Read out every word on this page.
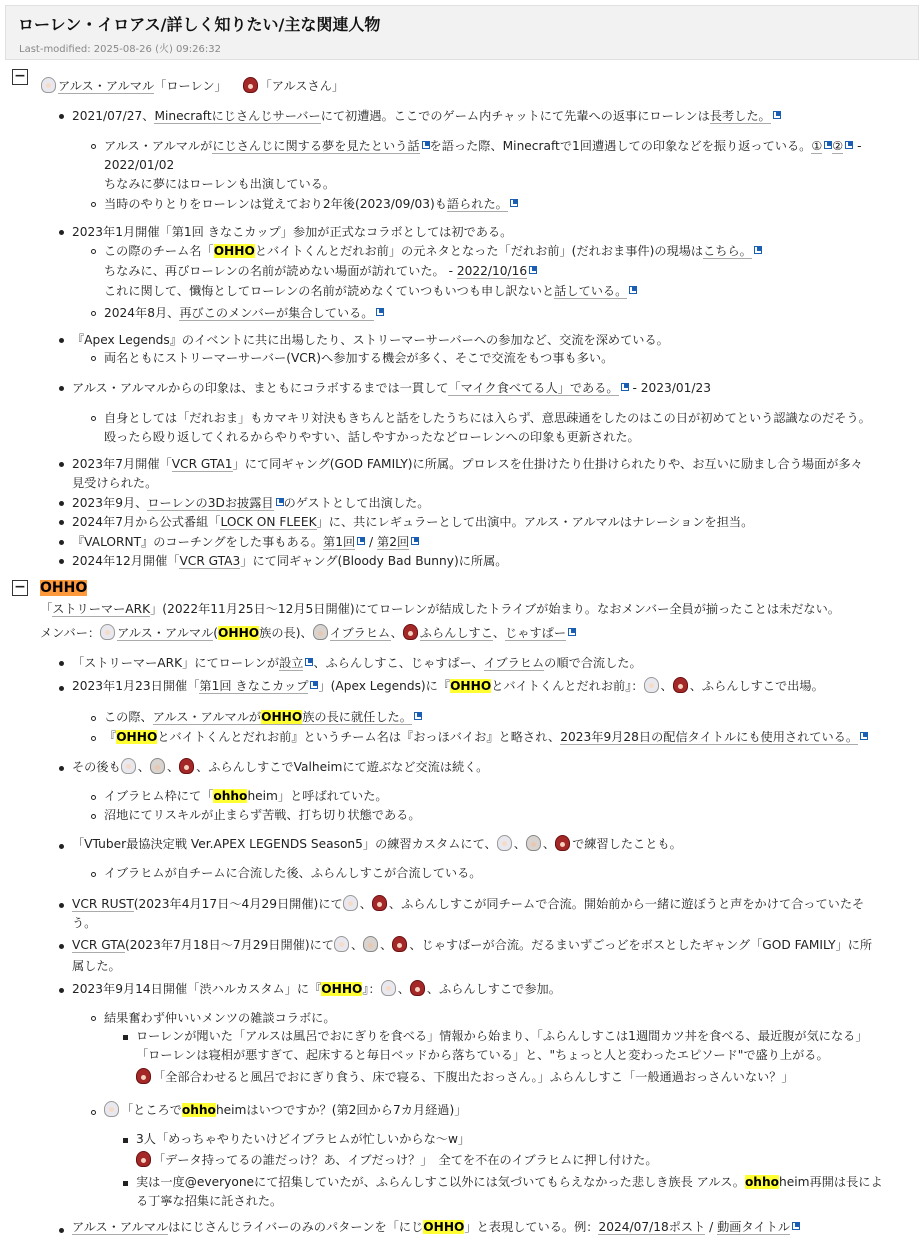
ローレン・イロアス/詳しく知りたい/主な関連人物
Last-modified: 2025-08-26 (火) 09:26:32
−
アルス・アルマル「ローレン」	「アルスさん」
2021/07/27、Minecraftにじさんじサーバーにて初遭遇。ここでのゲーム内チャットにて先輩への返事にローレンは長考した。
アルス・アルマルがにじさんじに関する夢を見たという話 を語った際、Minecraftで1回遭遇しての印象などを振り返っている。① ② -
2022/01/02
ちなみに夢にはローレンも出演している。
当時のやりとりをローレンは覚えており2年後(2023/09/03)も語られた。
2023年1月開催「第1回 きなこカップ」参加が正式なコラボとしては初である。
この際のチーム名「OHHOとバイトくんとだれお前」の元ネタとなった「だれお前」(だれおま事件)の現場はこちら。
ちなみに、再びローレンの名前が読めない場面が訪れていた。 - 2022/10/16
これに関して、懺悔としてローレンの名前が読めなくていつもいつも申し訳ないと話している。
2024年8月、再びこのメンバーが集合している。
『Apex Legends』のイベントに共に出場したり、ストリーマーサーバーへの参加など、交流を深めている。
両名ともにストリーマーサーバー(VCR)へ参加する機会が多く、そこで交流をもつ事も多い。
アルス・アルマルからの印象は、まともにコラボするまでは一貫して「マイク食べてる人」である。 - 2023/01/23
自身としては「だれおま」もカマキリ対決もきちんと話をしたうちには入らず、意思疎通をしたのはこの日が初めてという認識なのだそう。
殴ったら殴り返してくれるからやりやすい、話しやすかったなどローレンへの印象も更新された。
2023年7月開催「VCR GTA1」にて同ギャング(GOD FAMILY)に所属。プロレスを仕掛けたり仕掛けられたりや、お互いに励まし合う場面が多々
見受けられた。
2023年9月、ローレンの3Dお披露目 のゲストとして出演した。
2024年7月から公式番組「LOCK ON FLEEK」に、共にレギュラーとして出演中。アルス・アルマルはナレーションを担当。
『VALORNT』のコーチングをした事もある。第1回 / 第2回
2024年12月開催「VCR GTA3」にて同ギャング(Bloody Bad Bunny)に所属。
− OHHO
「ストリーマーARK」(2022年11月25日～12月5日開催)にてローレンが結成したトライブが始まり。なおメンバー全員が揃ったことは未だない。
メンバー： アルス・アルマル(OHHO族の長)、 イブラヒム、 ふらんしすこ、じゃすぱー
「ストリーマーARK」にてローレンが設立 、ふらんしすこ、じゃすぱー、イブラヒムの順で合流した。
2023年1月23日開催「第1回 きなこカップ 」(Apex Legends)に『OHHOとバイトくんとだれお前』： 、 、ふらんしすこで出場。
この際、アルス・アルマルがOHHO族の長に就任した。
『OHHOとバイトくんとだれお前』というチーム名は『おっほバイお』と略され、2023年9月28日の配信タイトルにも使用されている。
その後も 、 、 、ふらんしすこでValheimにて遊ぶなど交流は続く。
イブラヒム枠にて「ohhoheim」と呼ばれていた。
沼地にてリスキルが止まらず苦戦、打ち切り状態である。
「VTuber最協決定戦 Ver.APEX LEGENDS Season5」の練習カスタムにて、 、 、 で練習したことも。
イブラヒムが自チームに合流した後、ふらんしすこが合流している。
VCR RUST(2023年4月17日～4月29日開催)にて 、 、ふらんしすこが同チームで合流。開始前から一緒に遊ぼうと声をかけて合っていたそ
う。
VCR GTA(2023年7月18日～7月29日開催)にて 、 、 、じゃすぱーが合流。だるまいずごっどをボスとしたギャング「GOD FAMILY」に所
属した。
2023年9月14日開催「渋ハルカスタム」に『OHHO』： 、 、ふらんしすこで参加。
結果奮わず仲いいメンツの雑談コラボに。
ローレンが聞いた「アルスは風呂でおにぎりを食べる」情報から始まり、「ふらんしすこは1週間カツ丼を食べる、最近腹が気になる」
「ローレンは寝相が悪すぎて、起床すると毎日ベッドから落ちている」と、"ちょっと人と変わったエピソード"で盛り上がる。
「全部合わせると風呂でおにぎり食う、床で寝る、下腹出たおっさん。」ふらんしすこ「一般通過おっさんいない？」
「ところでohhoheimはいつですか？(第2回から7カ月経過)」
3人「めっちゃやりたいけどイブラヒムが忙しいからな～w」
「データ持ってるの誰だっけ？あ、イブだっけ？」　全てを不在のイブラヒムに押し付けた。
実は一度@everyoneにて招集していたが、ふらんしすこ以外には気づいてもらえなかった悲しき族長 アルス。ohhoheim再開は長によ
る丁寧な招集に託された。
アルス・アルマルはにじさんじライバーのみのパターンを「にじOHHO」と表現している。例：2024/07/18ポスト / 動画タイトル
